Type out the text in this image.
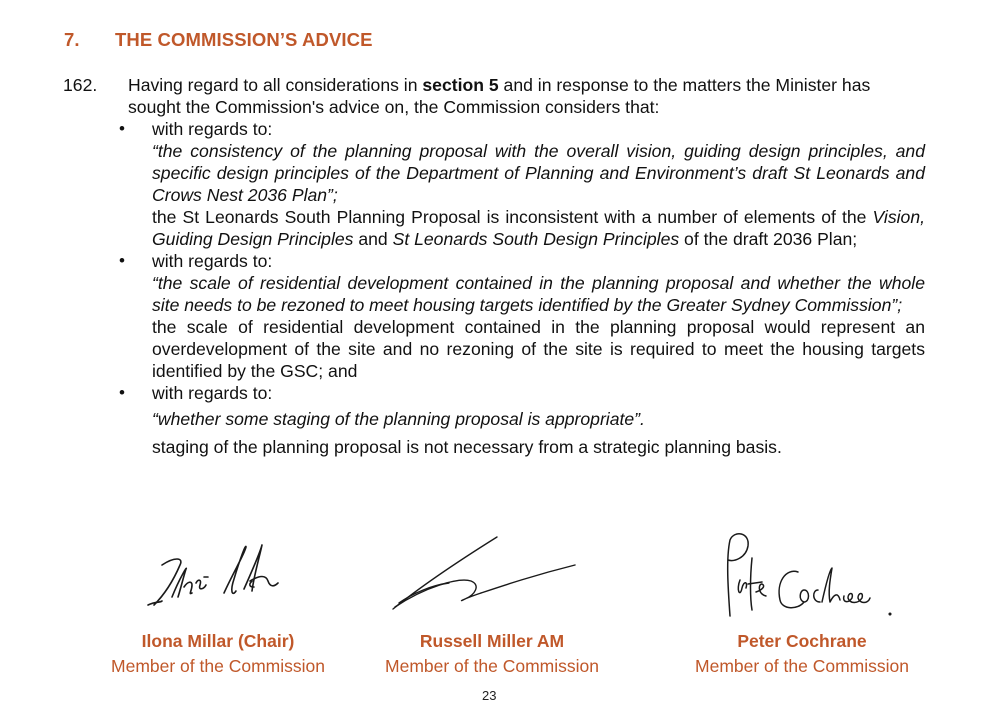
7. THE COMMISSION’S ADVICE
162. Having regard to all considerations in section 5 and in response to the matters the Minister has sought the Commission's advice on, the Commission considers that:
• with regards to:
“the consistency of the planning proposal with the overall vision, guiding design principles, and specific design principles of the Department of Planning and Environment’s draft St Leonards and Crows Nest 2036 Plan”;
the St Leonards South Planning Proposal is inconsistent with a number of elements of the Vision, Guiding Design Principles and St Leonards South Design Principles of the draft 2036 Plan;
• with regards to:
“the scale of residential development contained in the planning proposal and whether the whole site needs to be rezoned to meet housing targets identified by the Greater Sydney Commission”;
the scale of residential development contained in the planning proposal would represent an overdevelopment of the site and no rezoning of the site is required to meet the housing targets identified by the GSC; and
• with regards to:
“whether some staging of the planning proposal is appropriate”.
staging of the planning proposal is not necessary from a strategic planning basis.
Ilona Millar (Chair)
Member of the Commission
Russell Miller AM
Member of the Commission
Peter Cochrane
Member of the Commission
23
